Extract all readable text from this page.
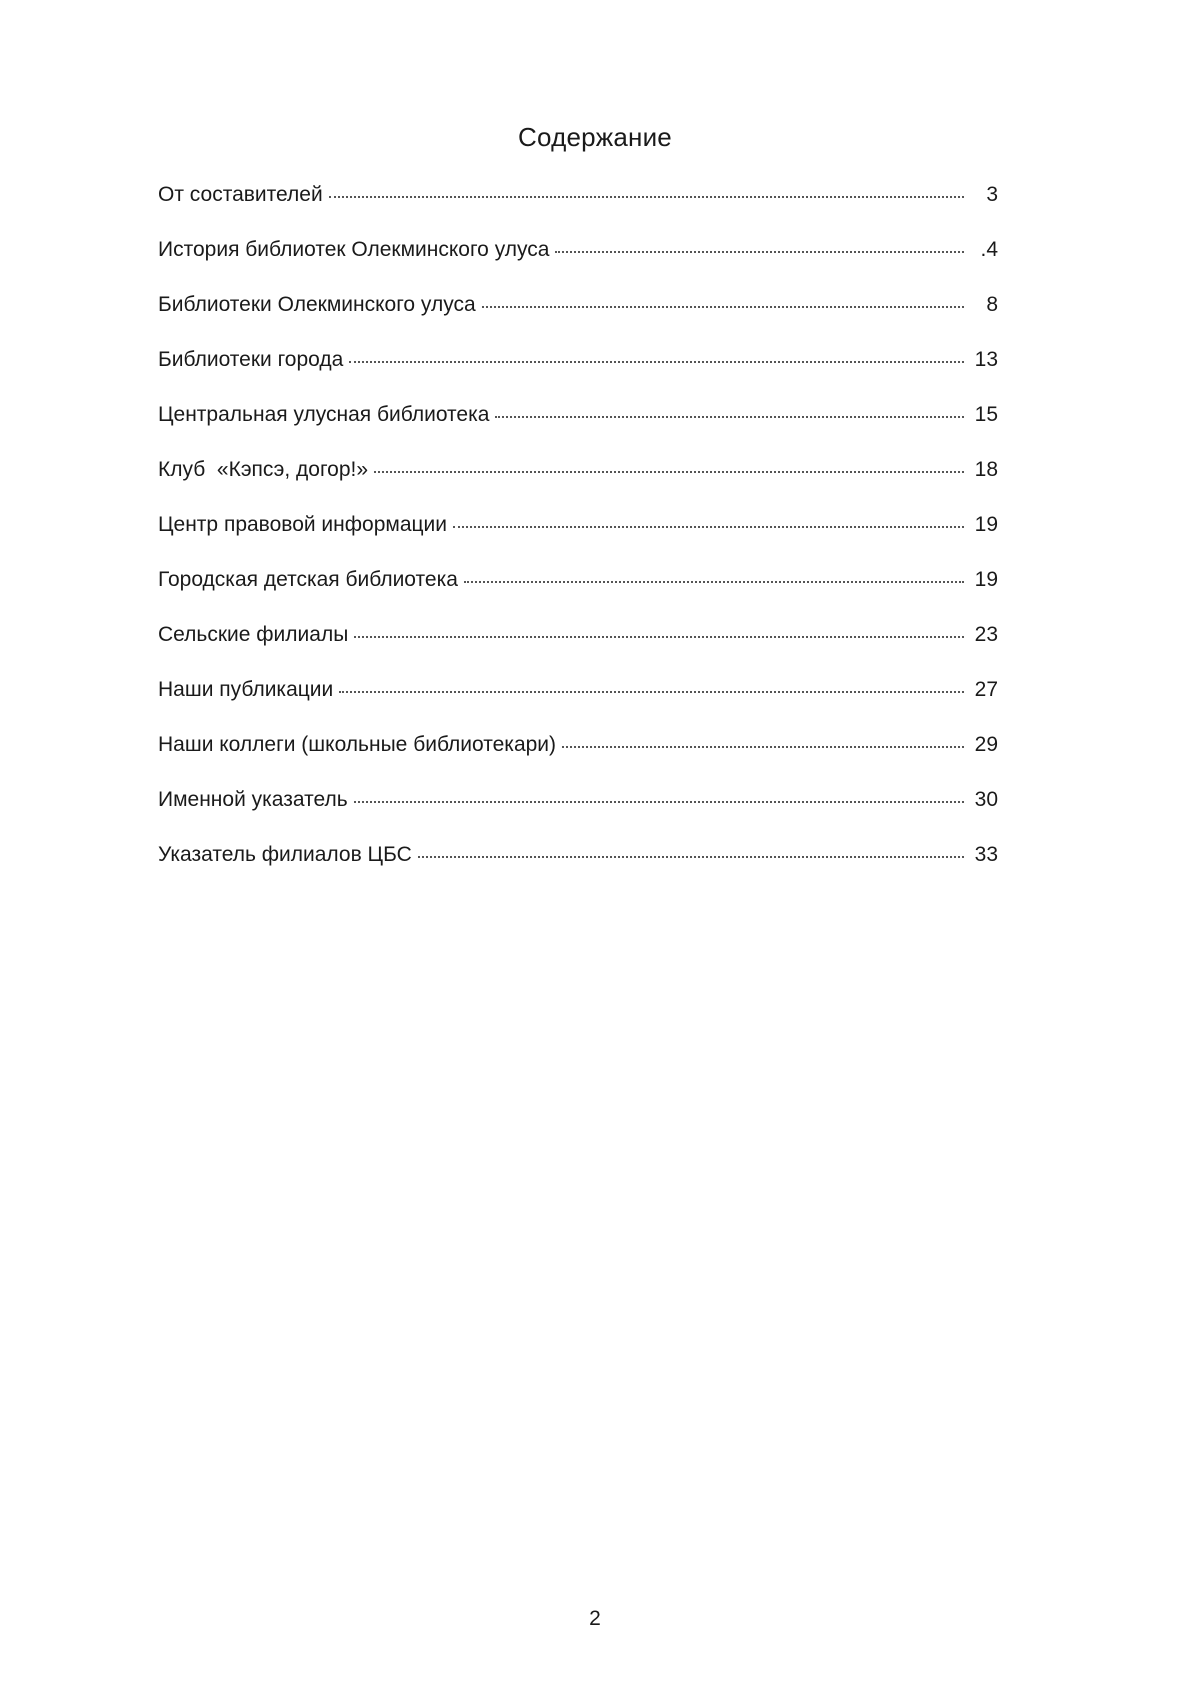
Содержание
От составителей	3
История библиотек Олекминского улуса	.4
Библиотеки Олекминского улуса	8
Библиотеки города	13
Центральная улусная библиотека	15
Клуб  «Кэпсэ, догор!»	18
Центр правовой информации	19
Городская детская библиотека	19
Сельские филиалы	23
Наши публикации	27
Наши коллеги (школьные библиотекари)	29
Именной указатель	30
Указатель филиалов ЦБС	33
2
